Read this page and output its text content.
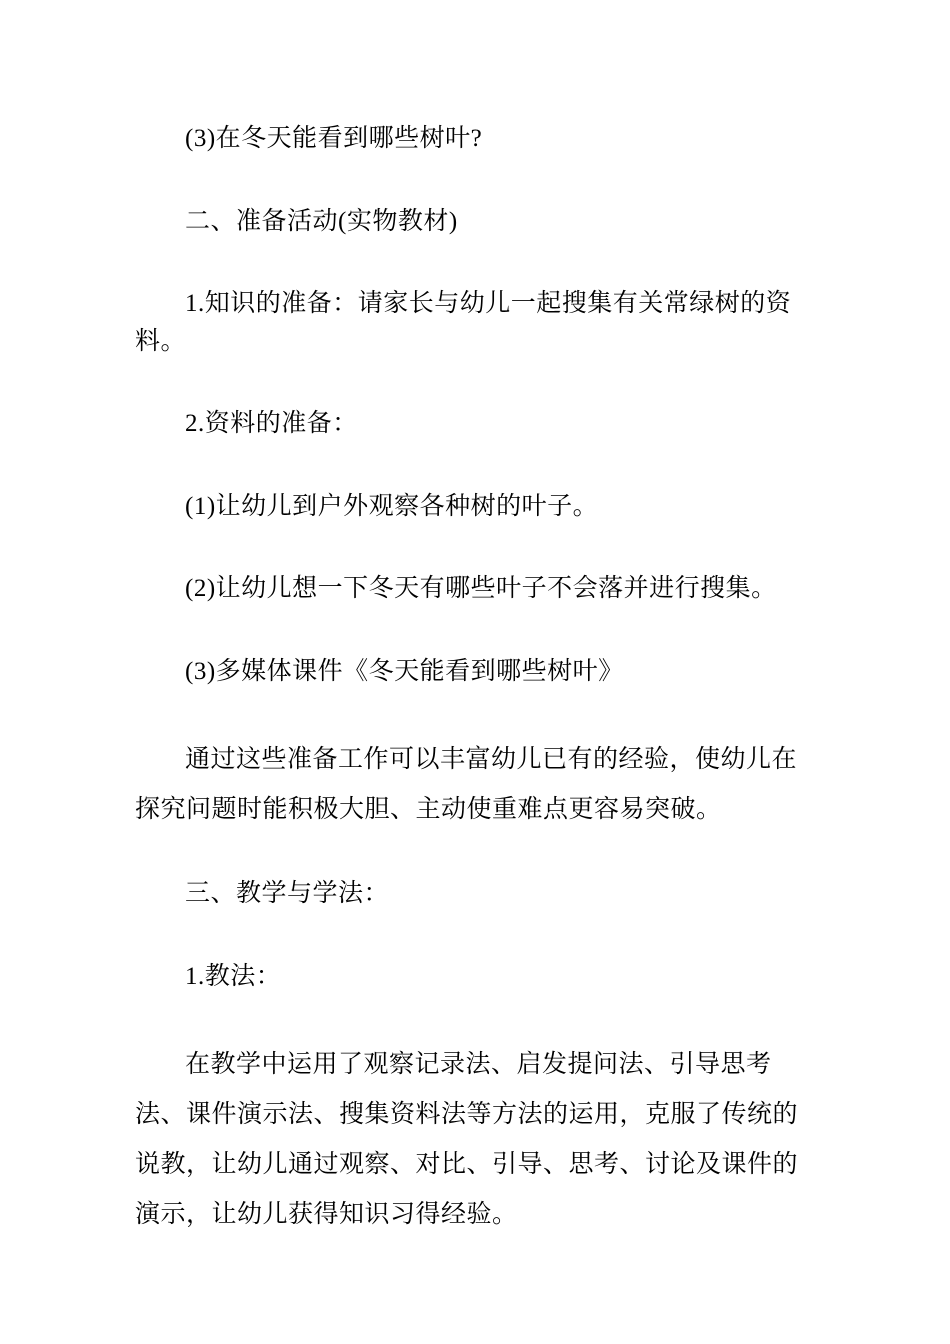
(3)在冬天能看到哪些树叶?

二、准备活动(实物教材)

1.知识的准备：请家长与幼儿一起搜集有关常绿树的资料。

2.资料的准备：

(1)让幼儿到户外观察各种树的叶子。

(2)让幼儿想一下冬天有哪些叶子不会落并进行搜集。

(3)多媒体课件《冬天能看到哪些树叶》

通过这些准备工作可以丰富幼儿已有的经验，使幼儿在探究问题时能积极大胆、主动使重难点更容易突破。

三、教学与学法：

1.教法：

在教学中运用了观察记录法、启发提问法、引导思考法、课件演示法、搜集资料法等方法的运用，克服了传统的说教，让幼儿通过观察、对比、引导、思考、讨论及课件的演示，让幼儿获得知识习得经验。
